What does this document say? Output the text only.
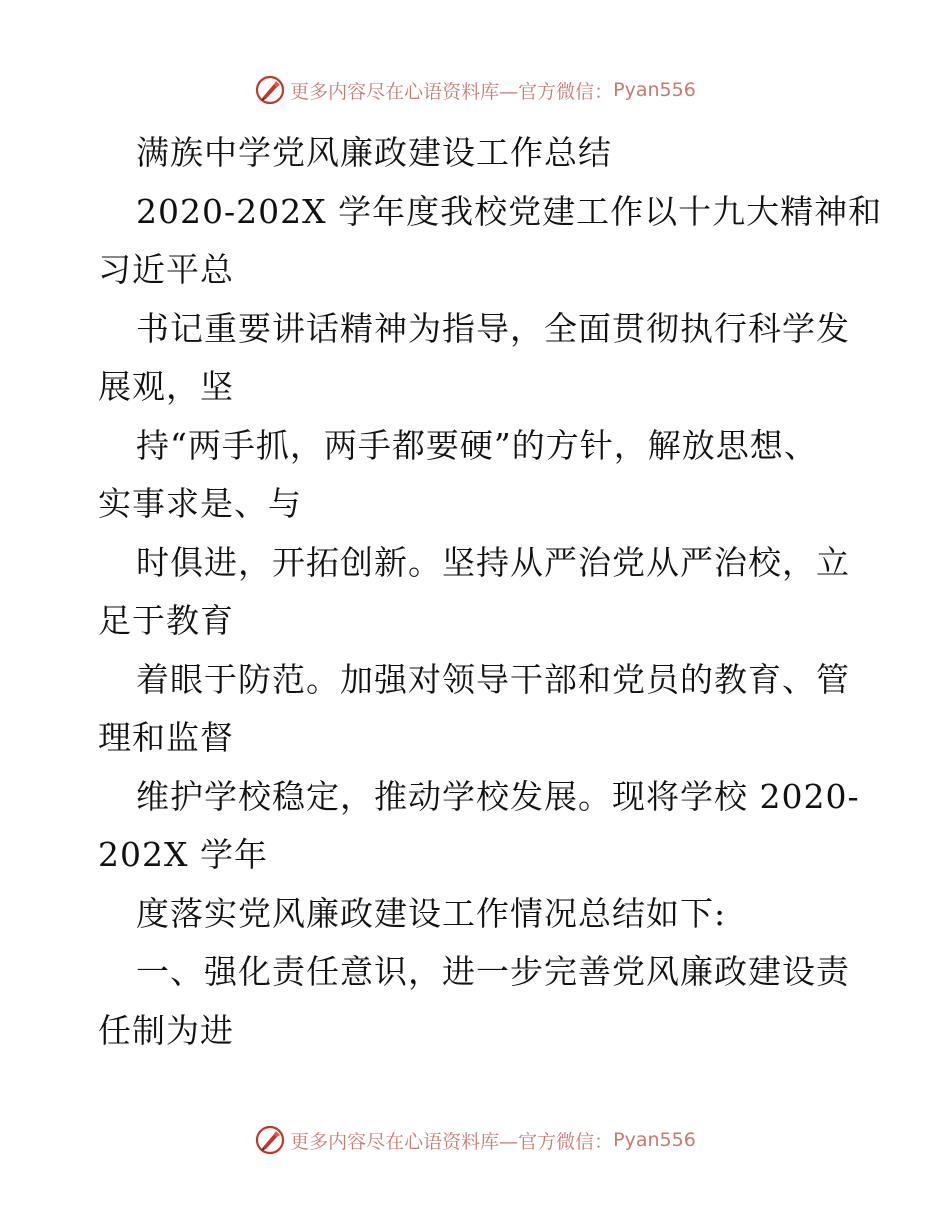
更多内容尽在心语资料库—官方微信： Pyan556
满族中学党风廉政建设工作总结
2020-202X 学年度我校党建工作以十九大精神和
习近平总
书记重要讲话精神为指导，全面贯彻执行科学发
展观，坚
持“两手抓，两手都要硬”的方针，解放思想、
实事求是、与
时俱进，开拓创新。坚持从严治党从严治校，立
足于教育
着眼于防范。加强对领导干部和党员的教育、管
理和监督
维护学校稳定，推动学校发展。现将学校 2020-
202X 学年
度落实党风廉政建设工作情况总结如下:
一、强化责任意识，进一步完善党风廉政建设责
任制为进
更多内容尽在心语资料库—官方微信： Pyan556
